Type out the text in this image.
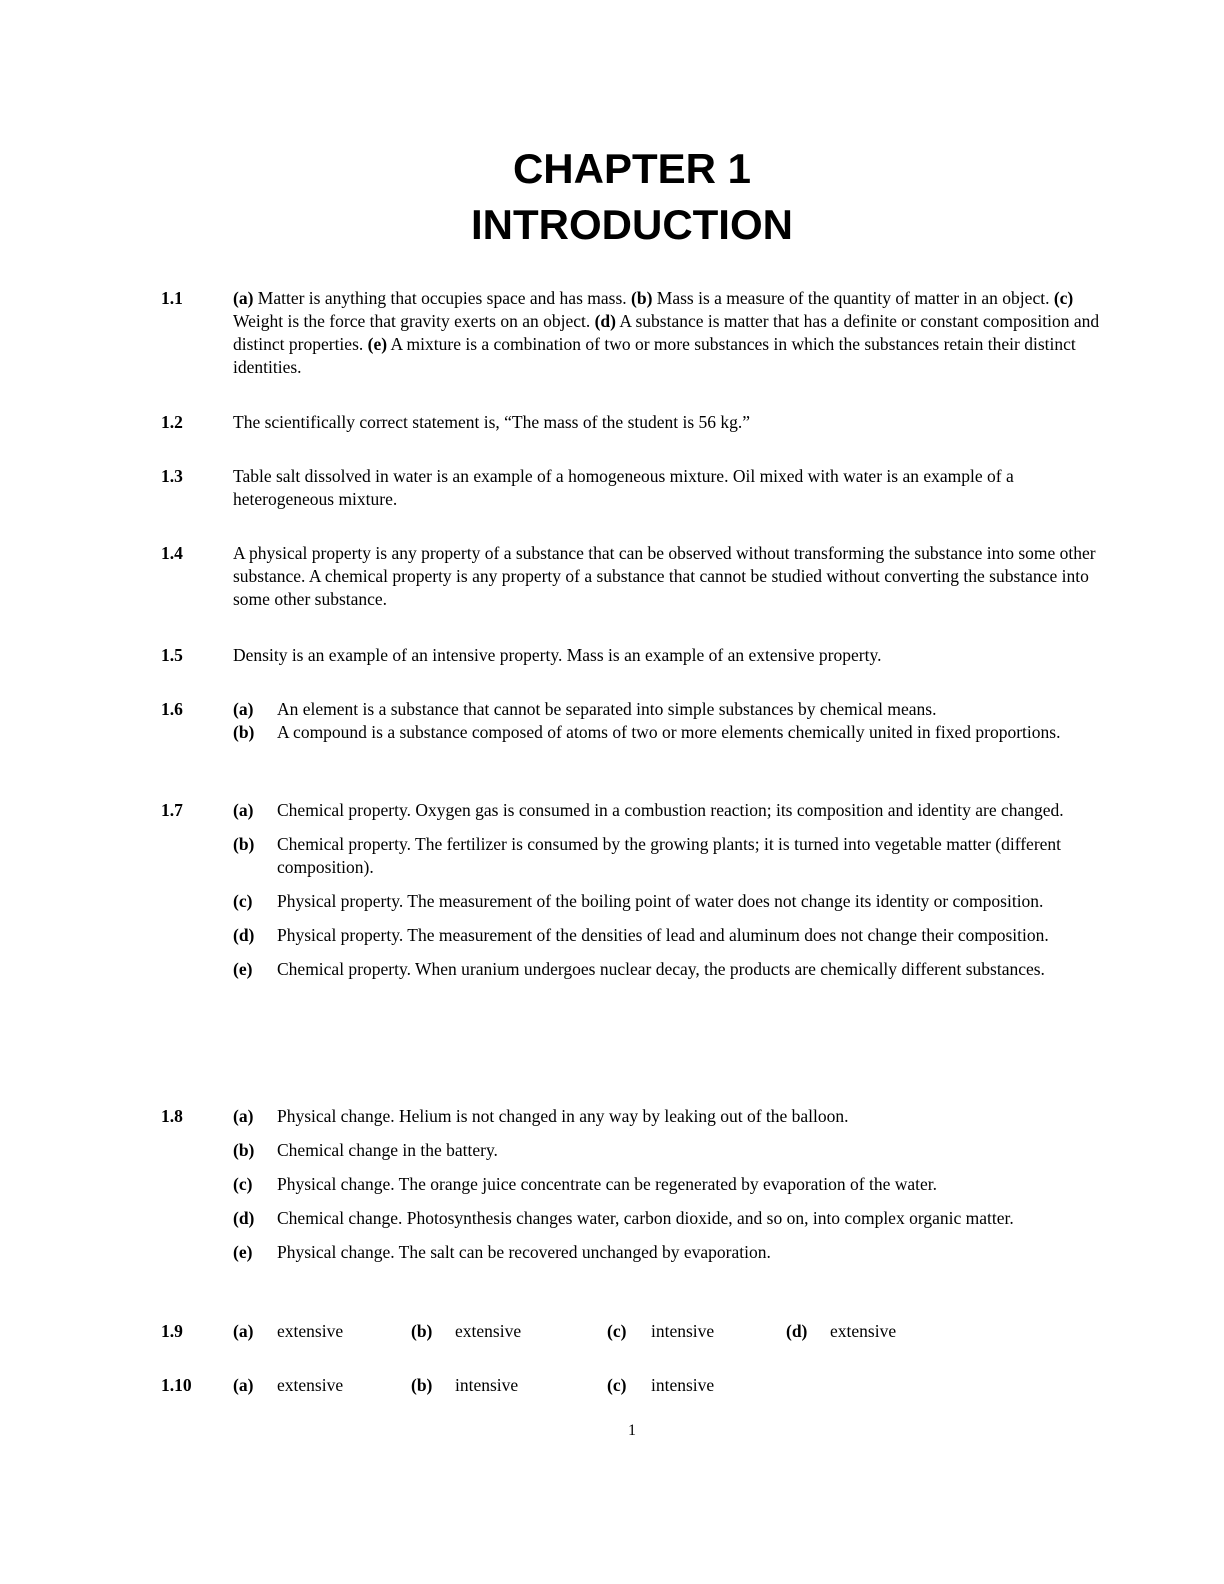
CHAPTER 1
INTRODUCTION
1.1	(a) Matter is anything that occupies space and has mass. (b) Mass is a measure of the quantity of matter in an object. (c) Weight is the force that gravity exerts on an object. (d) A substance is matter that has a definite or constant composition and distinct properties. (e) A mixture is a combination of two or more substances in which the substances retain their distinct identities.
1.2	The scientifically correct statement is, “The mass of the student is 56 kg.”
1.3	Table salt dissolved in water is an example of a homogeneous mixture. Oil mixed with water is an example of a heterogeneous mixture.
1.4	A physical property is any property of a substance that can be observed without transforming the substance into some other substance. A chemical property is any property of a substance that cannot be studied without converting the substance into some other substance.
1.5	Density is an example of an intensive property. Mass is an example of an extensive property.
1.6	(a) An element is a substance that cannot be separated into simple substances by chemical means.
(b) A compound is a substance composed of atoms of two or more elements chemically united in fixed proportions.
1.7	(a) Chemical property. Oxygen gas is consumed in a combustion reaction; its composition and identity are changed.
(b) Chemical property. The fertilizer is consumed by the growing plants; it is turned into vegetable matter (different composition).
(c) Physical property. The measurement of the boiling point of water does not change its identity or composition.
(d) Physical property. The measurement of the densities of lead and aluminum does not change their composition.
(e) Chemical property. When uranium undergoes nuclear decay, the products are chemically different substances.
1.8	(a) Physical change. Helium is not changed in any way by leaking out of the balloon.
(b) Chemical change in the battery.
(c) Physical change. The orange juice concentrate can be regenerated by evaporation of the water.
(d) Chemical change. Photosynthesis changes water, carbon dioxide, and so on, into complex organic matter.
(e) Physical change. The salt can be recovered unchanged by evaporation.
1.9	(a) extensive	(b) extensive	(c) intensive	(d) extensive
1.10 (a) extensive	(b) intensive	(c) intensive
1
